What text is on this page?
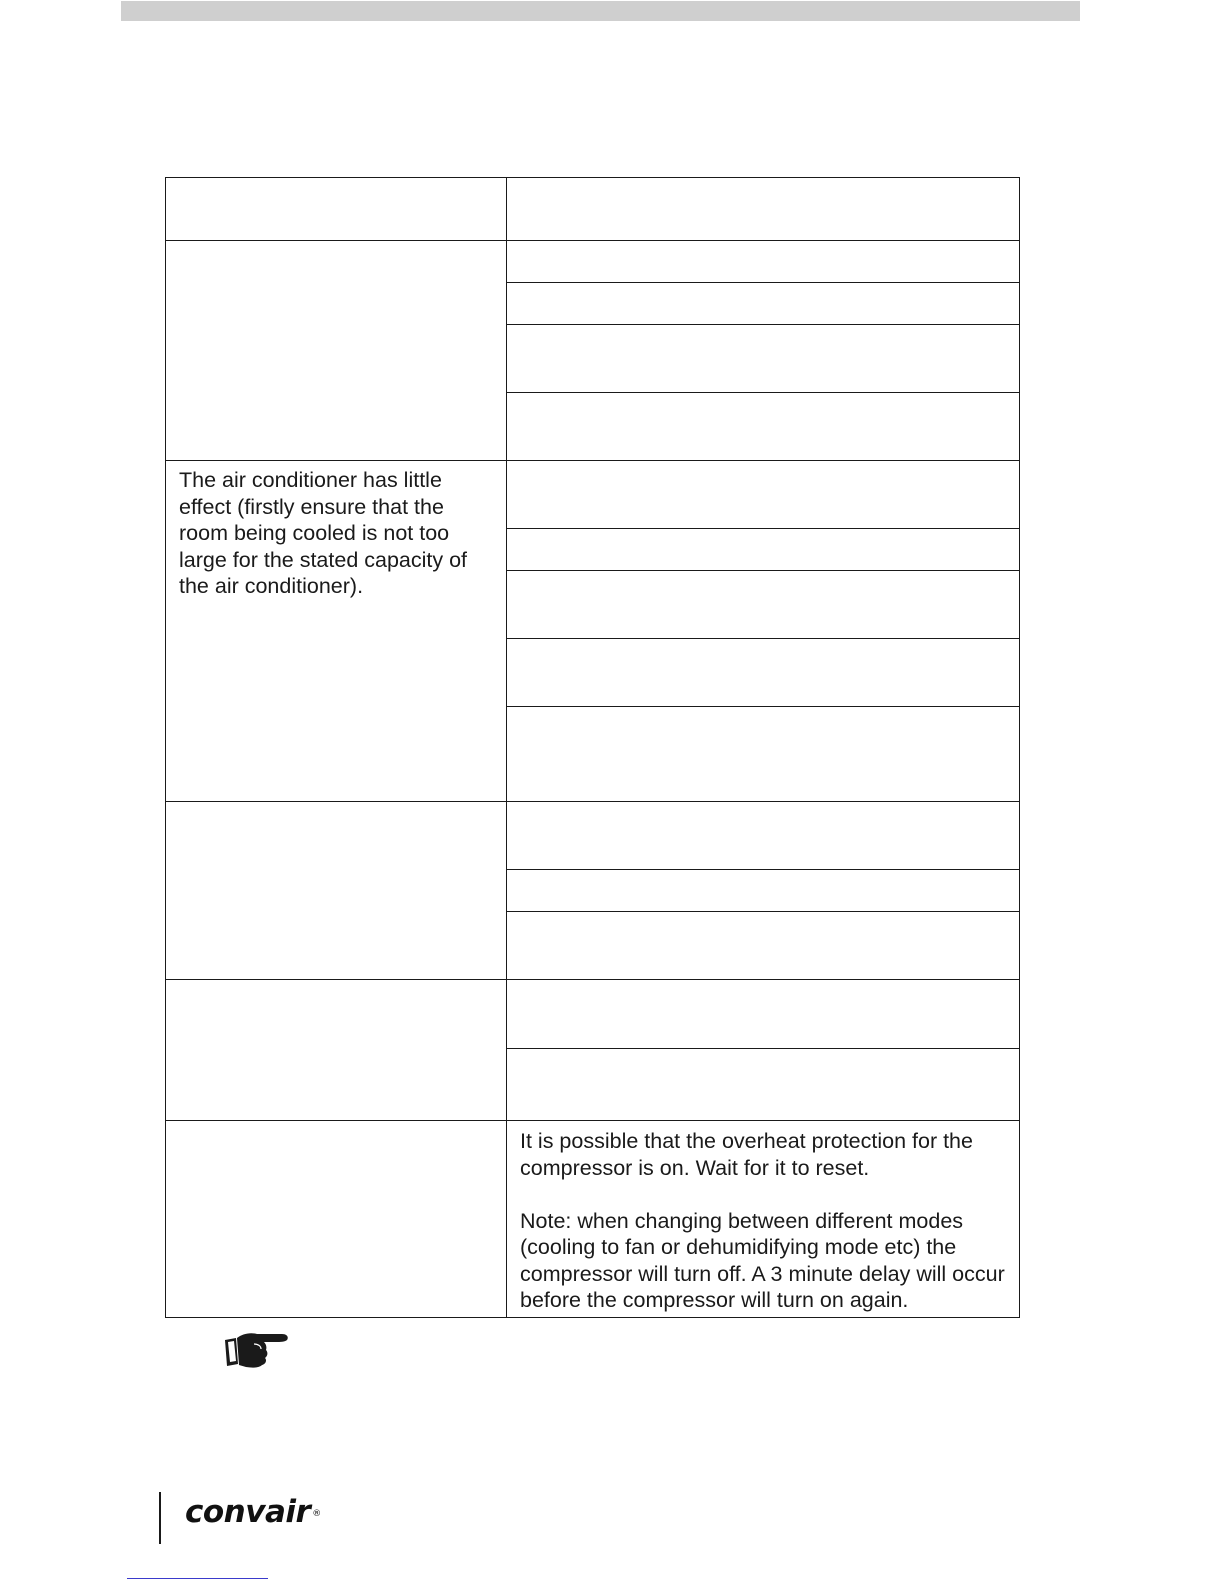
The air conditioner has little effect (firstly ensure that the room being cooled is not too large for the stated capacity of the air conditioner).	

	It is possible that the overheat protection for the compressor is on. Wait for it to reset.

Note: when changing between different modes (cooling to fan or dehumidifying mode etc) the compressor will turn off. A 3 minute delay will occur before the compressor will turn on again.

convair ®
